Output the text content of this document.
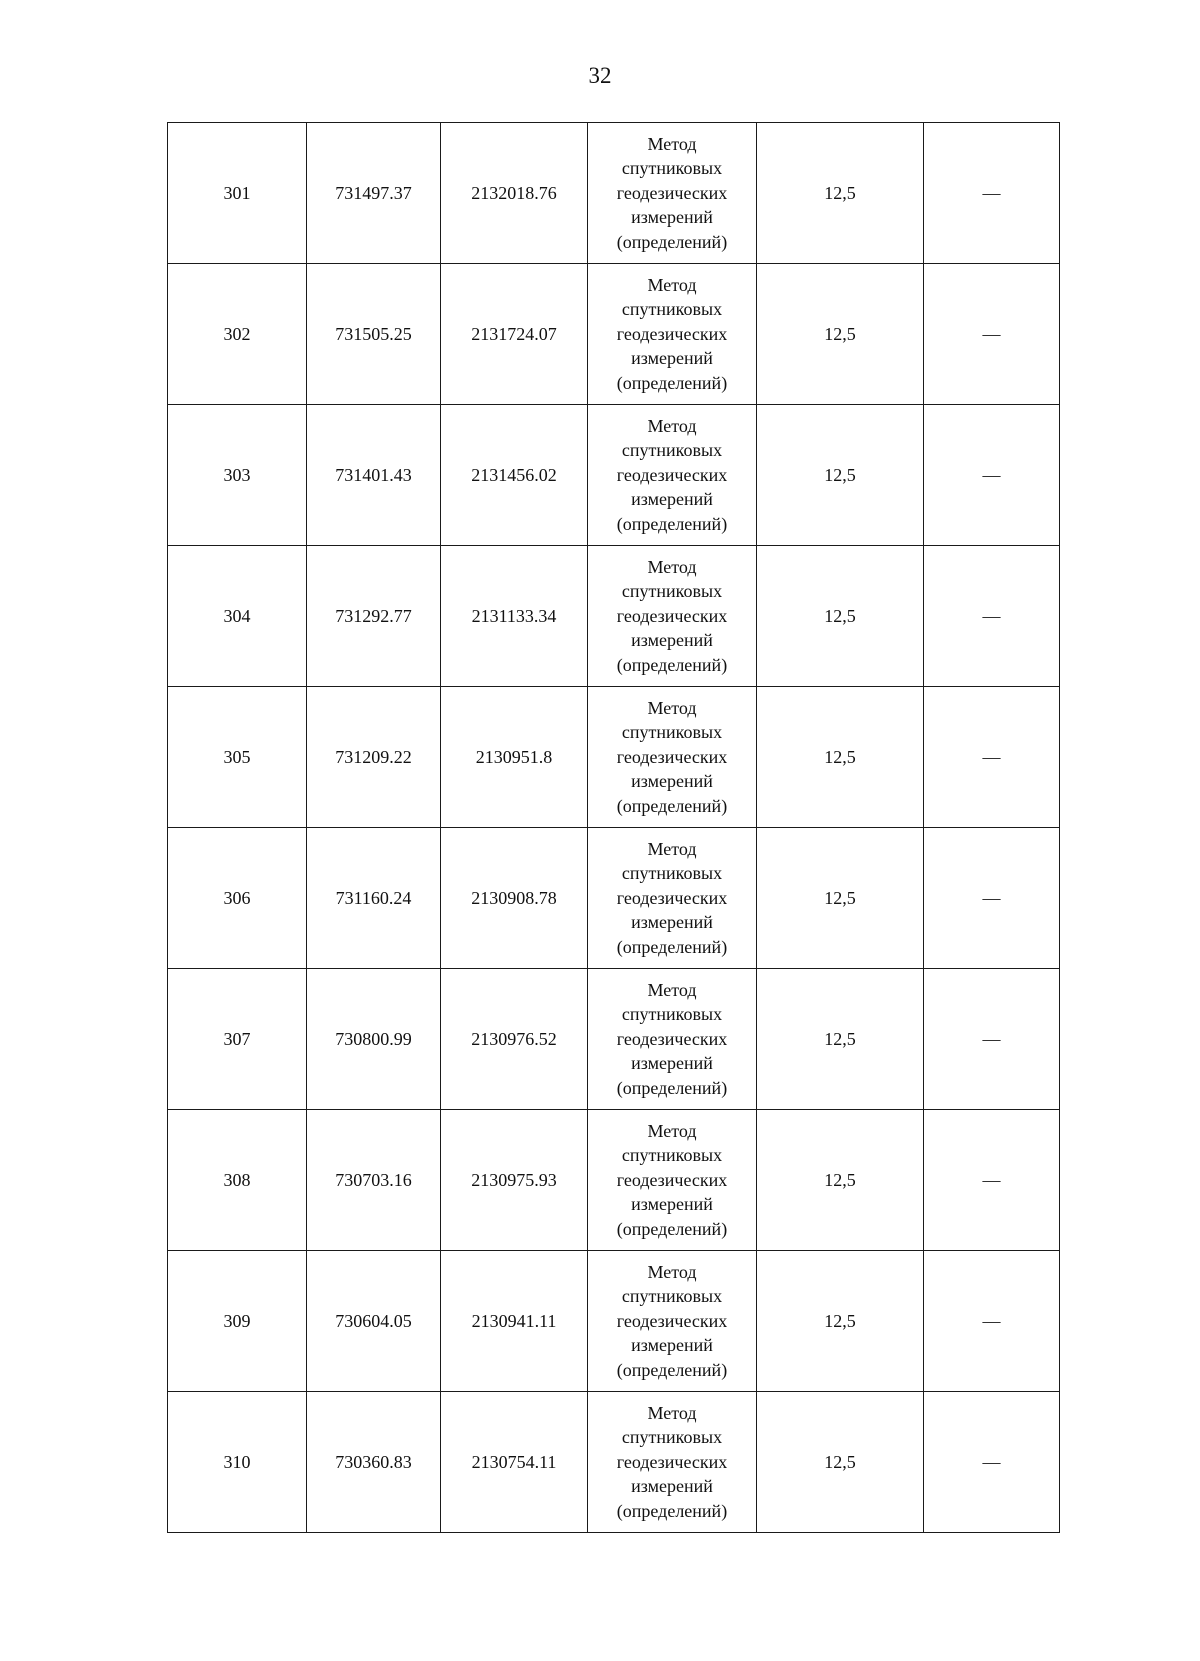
32
301	731497.37	2132018.76	Метод
спутниковых
геодезических
измерений
(определений)	12,5	—
302	731505.25	2131724.07	Метод
спутниковых
геодезических
измерений
(определений)	12,5	—
303	731401.43	2131456.02	Метод
спутниковых
геодезических
измерений
(определений)	12,5	—
304	731292.77	2131133.34	Метод
спутниковых
геодезических
измерений
(определений)	12,5	—
305	731209.22	2130951.8	Метод
спутниковых
геодезических
измерений
(определений)	12,5	—
306	731160.24	2130908.78	Метод
спутниковых
геодезических
измерений
(определений)	12,5	—
307	730800.99	2130976.52	Метод
спутниковых
геодезических
измерений
(определений)	12,5	—
308	730703.16	2130975.93	Метод
спутниковых
геодезических
измерений
(определений)	12,5	—
309	730604.05	2130941.11	Метод
спутниковых
геодезических
измерений
(определений)	12,5	—
310	730360.83	2130754.11	Метод
спутниковых
геодезических
измерений
(определений)	12,5	—
